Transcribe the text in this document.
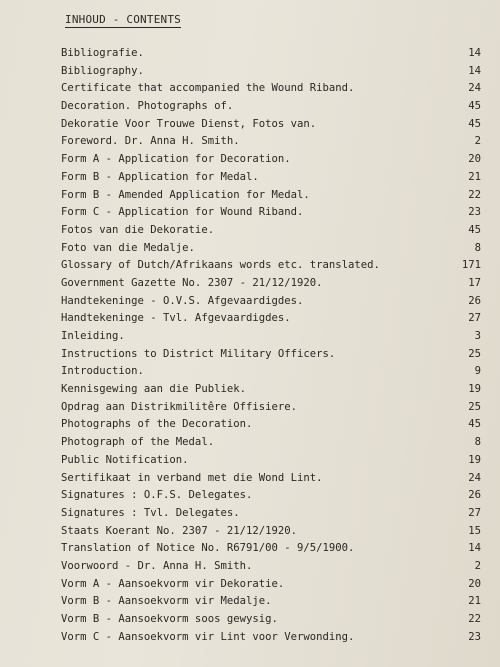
INHOUD - CONTENTS
Bibliografie.	14
Bibliography.	14
Certificate that accompanied the Wound Riband.	24
Decoration. Photographs of.	45
Dekoratie Voor Trouwe Dienst, Fotos van.	45
Foreword. Dr. Anna H. Smith.	2
Form A - Application for Decoration.	20
Form B - Application for Medal.	21
Form B - Amended Application for Medal.	22
Form C - Application for Wound Riband.	23
Fotos van die Dekoratie.	45
Foto van die Medalje.	8
Glossary of Dutch/Afrikaans words etc. translated.	171
Government Gazette No. 2307 - 21/12/1920.	17
Handtekeninge - O.V.S. Afgevaardigdes.	26
Handtekeninge - Tvl. Afgevaardigdes.	27
Inleiding.	3
Instructions to District Military Officers.	25
Introduction.	9
Kennisgewing aan die Publiek.	19
Opdrag aan Distrikmilitêre Offisiere.	25
Photographs of the Decoration.	45
Photograph of the Medal.	8
Public Notification.	19
Sertifikaat in verband met die Wond Lint.	24
Signatures : O.F.S. Delegates.	26
Signatures : Tvl. Delegates.	27
Staats Koerant No. 2307 - 21/12/1920.	15
Translation of Notice No. R6791/00 - 9/5/1900.	14
Voorwoord - Dr. Anna H. Smith.	2
Vorm A - Aansoekvorm vir Dekoratie.	20
Vorm B - Aansoekvorm vir Medalje.	21
Vorm B - Aansoekvorm soos gewysig.	22
Vorm C - Aansoekvorm vir Lint voor Verwonding.	23
